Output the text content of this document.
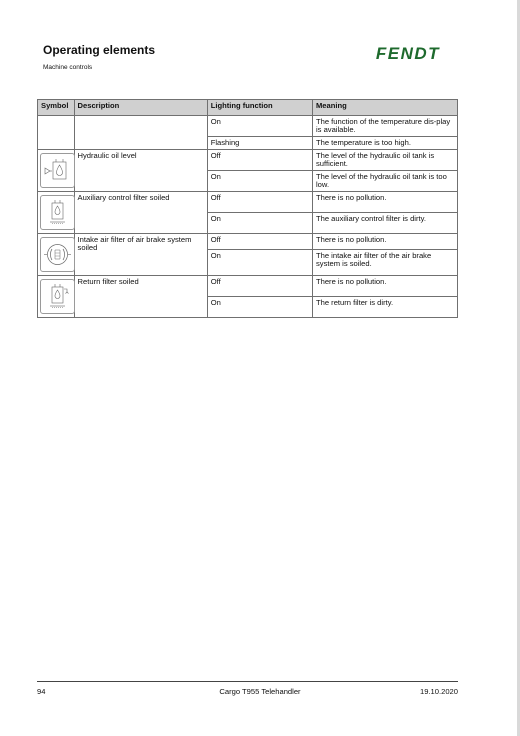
Operating elements
Machine controls
FENDT
Symbol	Description	Lighting function	Meaning
		On	The function of the temperature dis-play is available.
		Flashing	The temperature is too high.

	Hydraulic oil level	Off	The level of the hydraulic oil tank is sufficient.
		On	The level of the hydraulic oil tank is too low.

	Auxiliary control filter soiled	Off	There is no pollution.
		On	The auxiliary control filter is dirty.

	Intake air filter of air brake system soiled	Off	There is no pollution.
		On	The intake air filter of the air brake system is soiled.

	Return filter soiled	Off	There is no pollution.
		On	The return filter is dirty.
94	Cargo T955 Telehandler	19.10.2020
